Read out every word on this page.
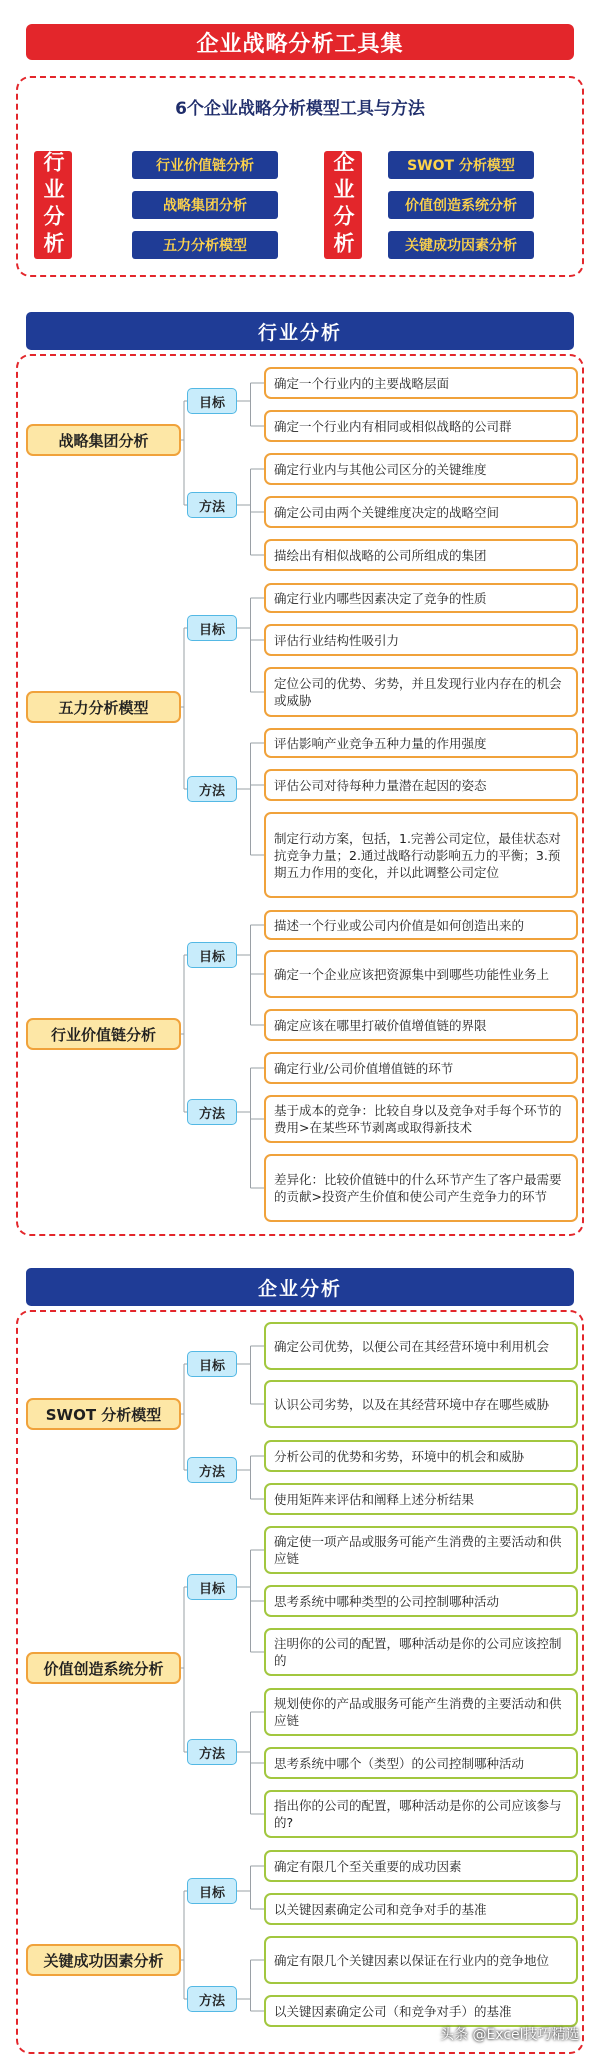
企业战略分析工具集
6个企业战略分析模型工具与方法
行业分析	行业价值链分析
战略集团分析
五力分析模型	企业分析	SWOT 分析模型
价值创造系统分析
关键成功因素分析
行业分析
企业分析
战略集团分析
目标
方法
确定一个行业内的主要战略层面
确定一个行业内有相同或相似战略的公司群
确定行业内与其他公司区分的关键维度
确定公司由两个关键维度决定的战略空间
描绘出有相似战略的公司所组成的集团
五力分析模型
目标
方法
确定行业内哪些因素决定了竞争的性质
评估行业结构性吸引力
定位公司的优势、劣势，并且发现行业内存在的机会或威胁
评估影响产业竞争五种力量的作用强度
评估公司对待每种力量潜在起因的姿态
制定行动方案，包括，1.完善公司定位，最佳状态对抗竞争力量；2.通过战略行动影响五力的平衡；3.预期五力作用的变化，并以此调整公司定位
行业价值链分析
目标
方法
描述一个行业或公司内价值是如何创造出来的
确定一个企业应该把资源集中到哪些功能性业务上
确定应该在哪里打破价值增值链的界限
确定行业/公司价值增值链的环节
基于成本的竞争：比较自身以及竞争对手每个环节的费用>在某些环节剥离或取得新技术
差异化：比较价值链中的什么环节产生了客户最需要的贡献>投资产生价值和使公司产生竞争力的环节
SWOT 分析模型
目标
方法
确定公司优势，以便公司在其经营环境中利用机会
认识公司劣势，以及在其经营环境中存在哪些威胁
分析公司的优势和劣势，环境中的机会和威胁
使用矩阵来评估和阐释上述分析结果
价值创造系统分析
目标
方法
确定使一项产品或服务可能产生消费的主要活动和供应链
思考系统中哪种类型的公司控制哪种活动
注明你的公司的配置，哪种活动是你的公司应该控制的
规划使你的产品或服务可能产生消费的主要活动和供应链
思考系统中哪个（类型）的公司控制哪种活动
指出你的公司的配置，哪种活动是你的公司应该参与的?
关键成功因素分析
目标
方法
确定有限几个至关重要的成功因素
以关键因素确定公司和竞争对手的基准
确定有限几个关键因素以保证在行业内的竞争地位
以关键因素确定公司（和竞争对手）的基准
头条 @Excel技巧精选
